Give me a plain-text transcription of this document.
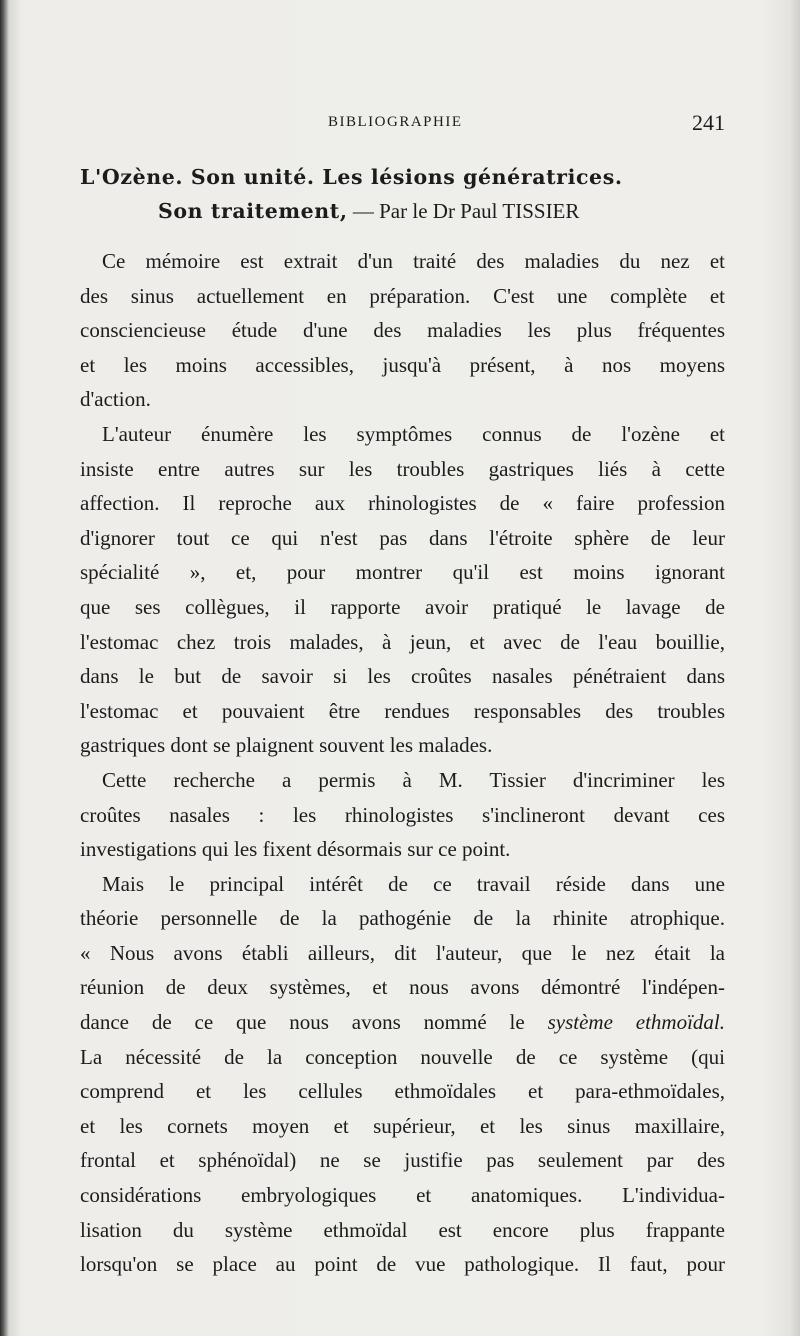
BIBLIOGRAPHIE	241
L'Ozène. Son unité. Les lésions génératrices.
Son traitement, — Par le Dr Paul TISSIER
Ce mémoire est extrait d'un traité des maladies du nez et
des sinus actuellement en préparation. C'est une complète et
consciencieuse étude d'une des maladies les plus fréquentes
et les moins accessibles, jusqu'à présent, à nos moyens
d'action.
L'auteur énumère les symptômes connus de l'ozène et
insiste entre autres sur les troubles gastriques liés à cette
affection. Il reproche aux rhinologistes de « faire profession
d'ignorer tout ce qui n'est pas dans l'étroite sphère de leur
spécialité », et, pour montrer qu'il est moins ignorant
que ses collègues, il rapporte avoir pratiqué le lavage de
l'estomac chez trois malades, à jeun, et avec de l'eau bouillie,
dans le but de savoir si les croûtes nasales pénétraient dans
l'estomac et pouvaient être rendues responsables des troubles
gastriques dont se plaignent souvent les malades.
Cette recherche a permis à M. Tissier d'incriminer les
croûtes nasales : les rhinologistes s'inclineront devant ces
investigations qui les fixent désormais sur ce point.
Mais le principal intérêt de ce travail réside dans une
théorie personnelle de la pathogénie de la rhinite atrophique.
« Nous avons établi ailleurs, dit l'auteur, que le nez était la
réunion de deux systèmes, et nous avons démontré l'indépen-
dance de ce que nous avons nommé le système ethmoïdal.
La nécessité de la conception nouvelle de ce système (qui
comprend et les cellules ethmoïdales et para-ethmoïdales,
et les cornets moyen et supérieur, et les sinus maxillaire,
frontal et sphénoïdal) ne se justifie pas seulement par des
considérations embryologiques et anatomiques. L'individua-
lisation du système ethmoïdal est encore plus frappante
lorsqu'on se place au point de vue pathologique. Il faut, pour
